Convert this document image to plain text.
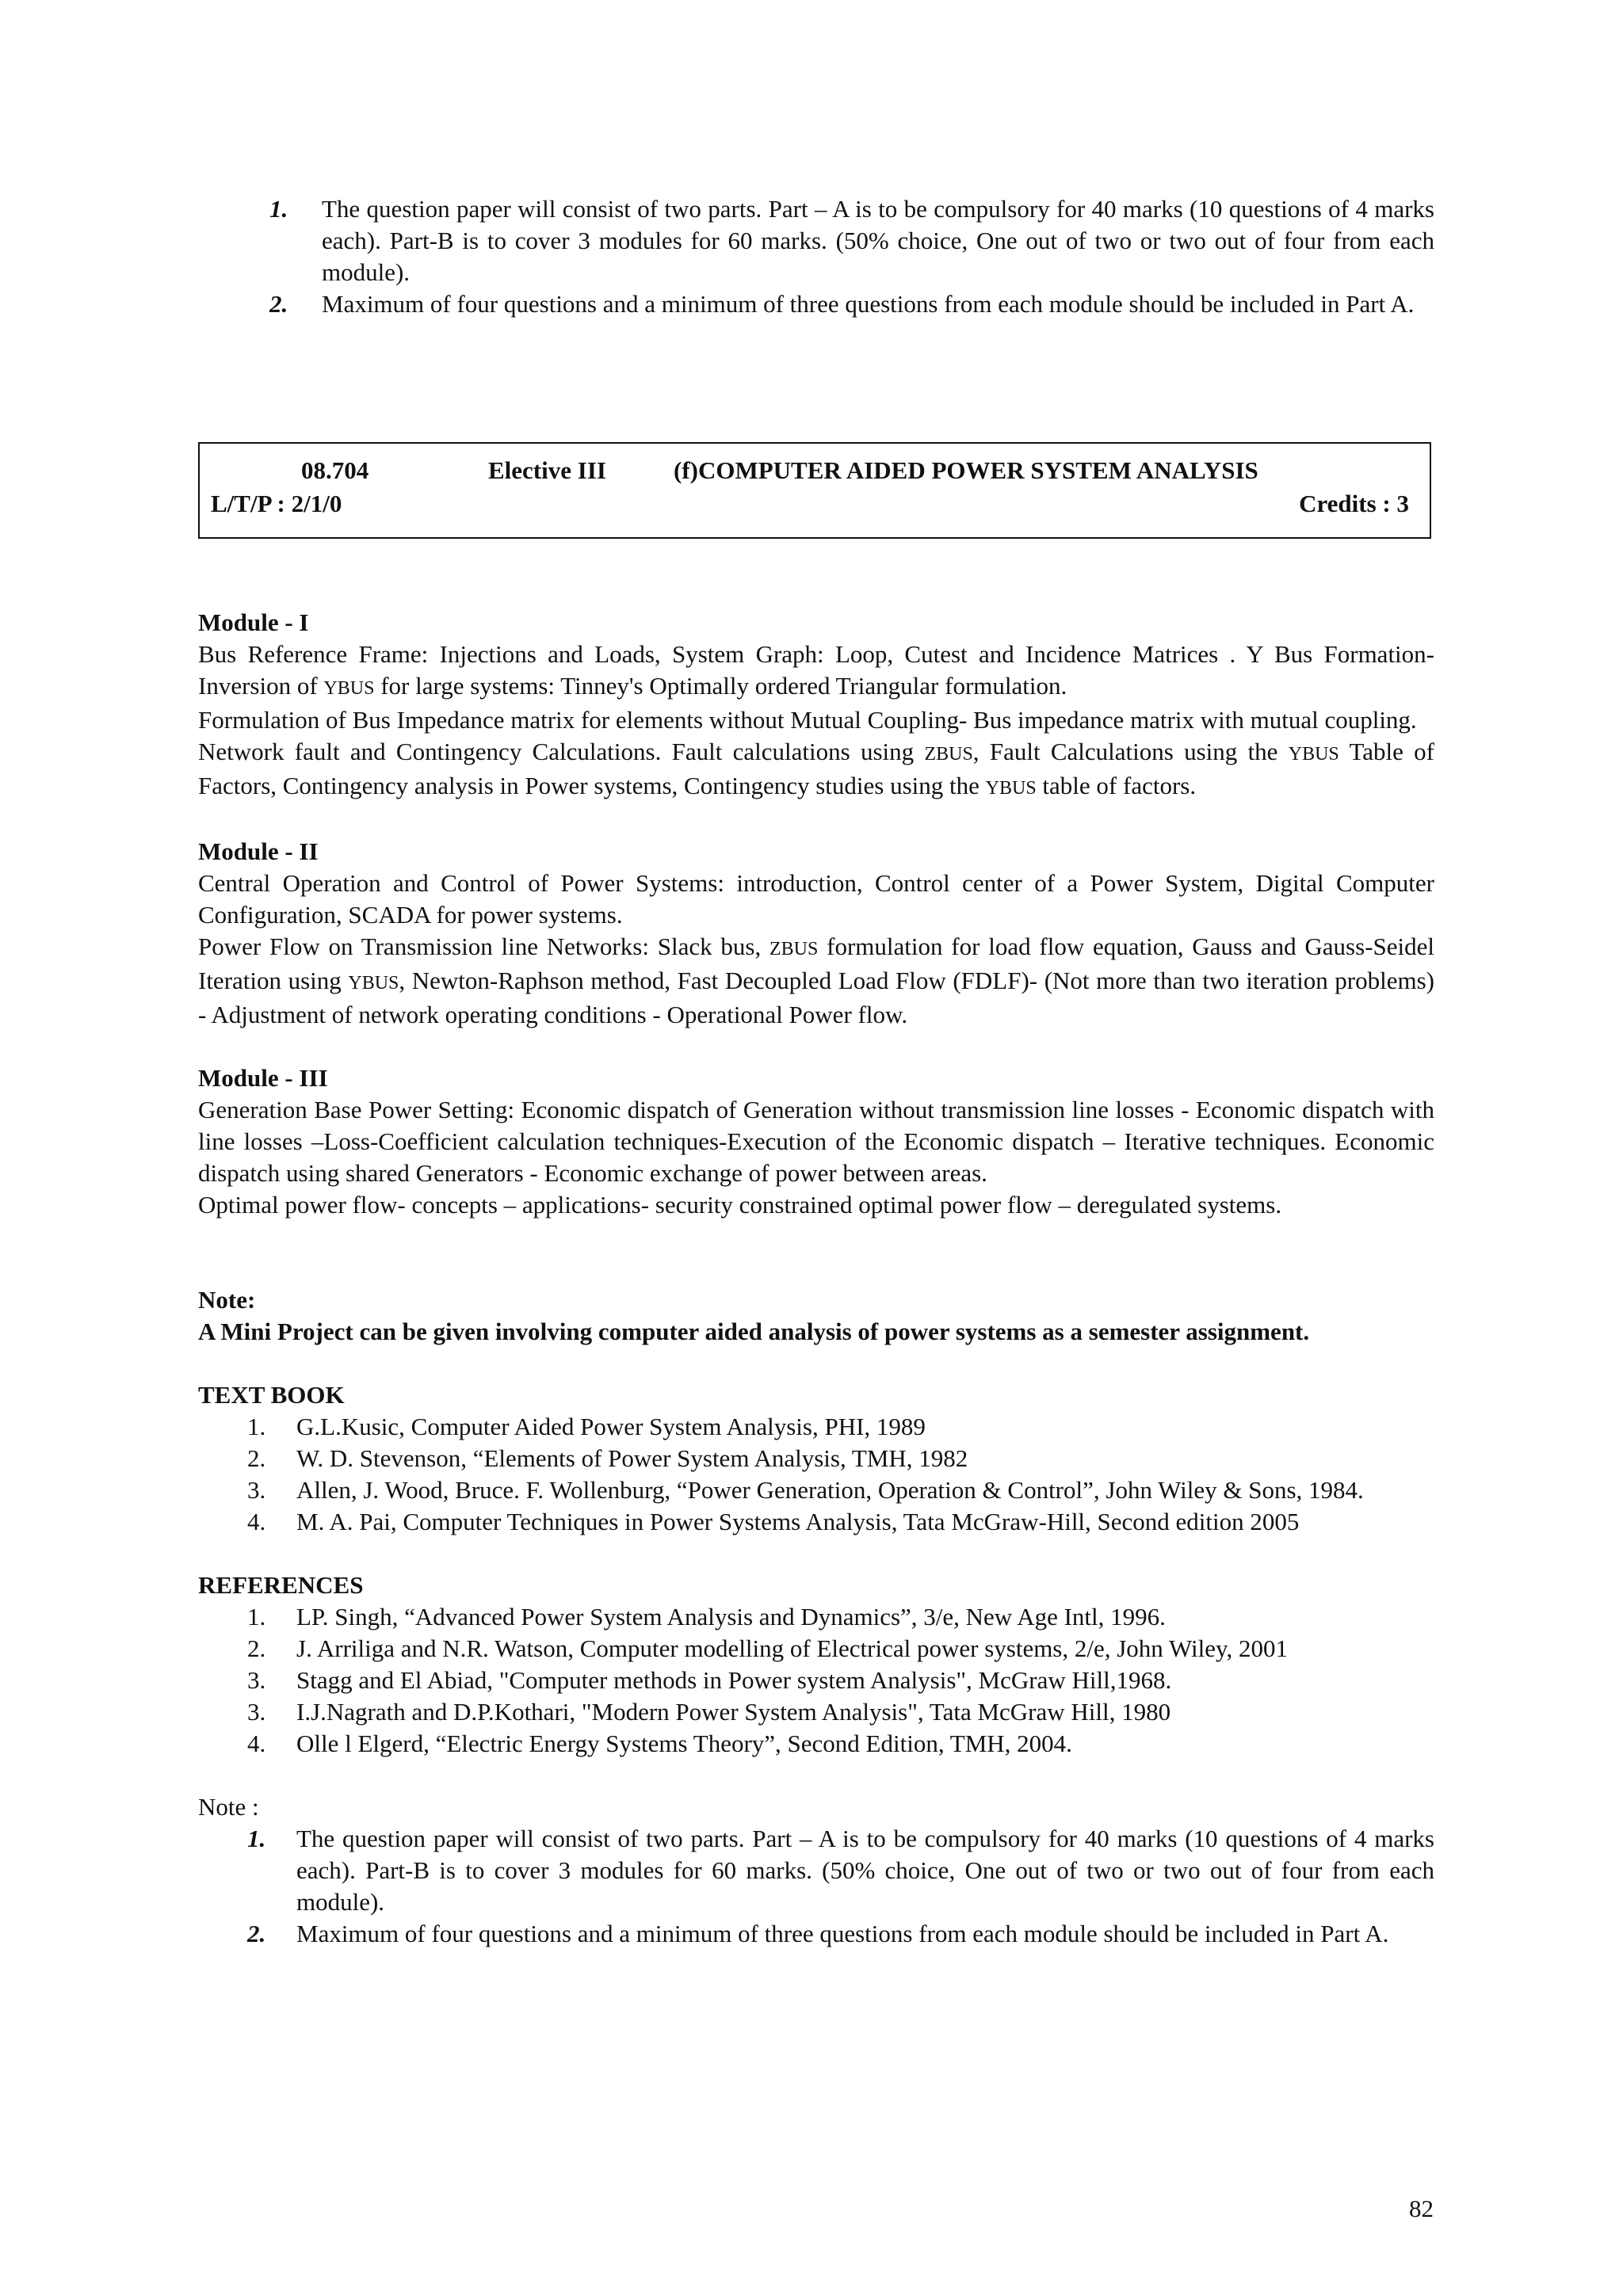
1. The question paper will consist of two parts. Part – A is to be compulsory for 40 marks (10 questions of 4 marks each). Part-B is to cover 3 modules for 60 marks. (50% choice, One out of two or two out of four from each module).
2. Maximum of four questions and a minimum of three questions from each module should be included in Part A.
08.704	Elective III	(f)COMPUTER AIDED POWER SYSTEM ANALYSIS
L/T/P : 2/1/0	Credits : 3
Module - I
Bus Reference Frame: Injections and Loads, System Graph: Loop, Cutest and Incidence Matrices . Y Bus Formation-Inversion of YBUS for large systems: Tinney's Optimally ordered Triangular formulation.
Formulation of Bus Impedance matrix for elements without Mutual Coupling- Bus impedance matrix with mutual coupling.
Network fault and Contingency Calculations. Fault calculations using ZBUS, Fault Calculations using the YBUS Table of Factors, Contingency analysis in Power systems, Contingency studies using the YBUS table of factors.
Module - II
Central Operation and Control of Power Systems: introduction, Control center of a Power System, Digital Computer Configuration, SCADA for power systems.
Power Flow on Transmission line Networks: Slack bus, ZBUS formulation for load flow equation, Gauss and Gauss-Seidel Iteration using YBUS, Newton-Raphson method, Fast Decoupled Load Flow (FDLF)- (Not more than two iteration problems) - Adjustment of network operating conditions - Operational Power flow.
Module - III
Generation Base Power Setting: Economic dispatch of Generation without transmission line losses - Economic dispatch with line losses –Loss-Coefficient calculation techniques-Execution of the Economic dispatch – Iterative techniques. Economic dispatch using shared Generators - Economic exchange of power between areas.
Optimal power flow- concepts – applications- security constrained optimal power flow – deregulated systems.
Note:
A Mini Project can be given involving computer aided analysis of power systems as a semester assignment.
TEXT BOOK
1. G.L.Kusic, Computer Aided Power System Analysis, PHI, 1989
2. W. D. Stevenson, “Elements of Power System Analysis, TMH, 1982
3. Allen, J. Wood, Bruce. F. Wollenburg, “Power Generation, Operation & Control”, John Wiley & Sons, 1984.
4. M. A. Pai, Computer Techniques in Power Systems Analysis, Tata McGraw-Hill, Second edition 2005
REFERENCES
1. LP. Singh, “Advanced Power System Analysis and Dynamics”, 3/e, New Age Intl, 1996.
2. J. Arriliga and N.R. Watson, Computer modelling of Electrical power systems, 2/e, John Wiley, 2001
3. Stagg and El Abiad, "Computer methods in Power system Analysis", McGraw Hill,1968.
3. I.J.Nagrath and D.P.Kothari, "Modern Power System Analysis", Tata McGraw Hill, 1980
4. Olle l Elgerd, “Electric Energy Systems Theory”, Second Edition, TMH, 2004.
Note :
1. The question paper will consist of two parts. Part – A is to be compulsory for 40 marks (10 questions of 4 marks each). Part-B is to cover 3 modules for 60 marks. (50% choice, One out of two or two out of four from each module).
2. Maximum of four questions and a minimum of three questions from each module should be included in Part A.
82
